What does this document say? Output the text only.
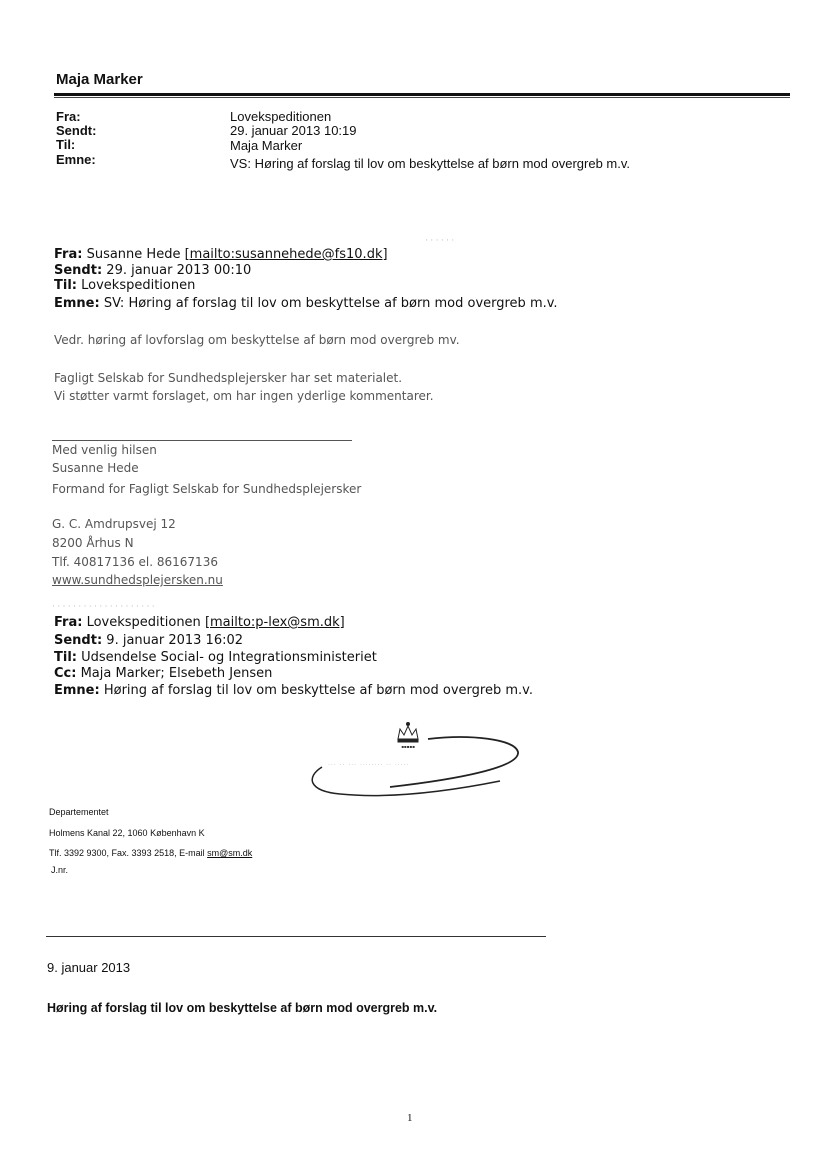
Maja Marker
Fra:
Sendt:
Til:
Emne:
Lovekspeditionen
29. januar 2013 10:19
Maja Marker
VS: Høring af forslag til lov om beskyttelse af børn mod overgreb m.v.
· · · · · ·
Fra: Susanne Hede [mailto:susannehede@fs10.dk]
Sendt: 29. januar 2013 00:10
Til: Lovekspeditionen
Emne: SV: Høring af forslag til lov om beskyttelse af børn mod overgreb m.v.
Vedr. høring af lovforslag om beskyttelse af børn mod overgreb mv.
Fagligt Selskab for Sundhedsplejersker har set materialet.
Vi støtter varmt forslaget, om har ingen yderlige kommentarer.
Med venlig hilsen
Susanne Hede
Formand for Fagligt Selskab for Sundhedsplejersker
G. C. Amdrupsvej 12
8200 Århus N
Tlf. 40817136 el. 86167136
www.sundhedsplejersken.nu
· · · · · · · · · · · · · · · · · · · ·
Fra: Lovekspeditionen [mailto:p-lex@sm.dk]
Sendt: 9. januar 2013 16:02
Til: Udsendelse Social- og Integrationsministeriet
Cc: Maja Marker; Elsebeth Jensen
Emne: Høring af forslag til lov om beskyttelse af børn mod overgreb m.v.
▪▪▪▪▪
··· ·· ··· ········ ·· ·····
Departementet
Holmens Kanal 22, 1060 København K
Tlf. 3392 9300, Fax. 3393 2518, E-mail sm@sm.dk
J.nr.
9. januar 2013
Høring af forslag til lov om beskyttelse af børn mod overgreb m.v.
1
